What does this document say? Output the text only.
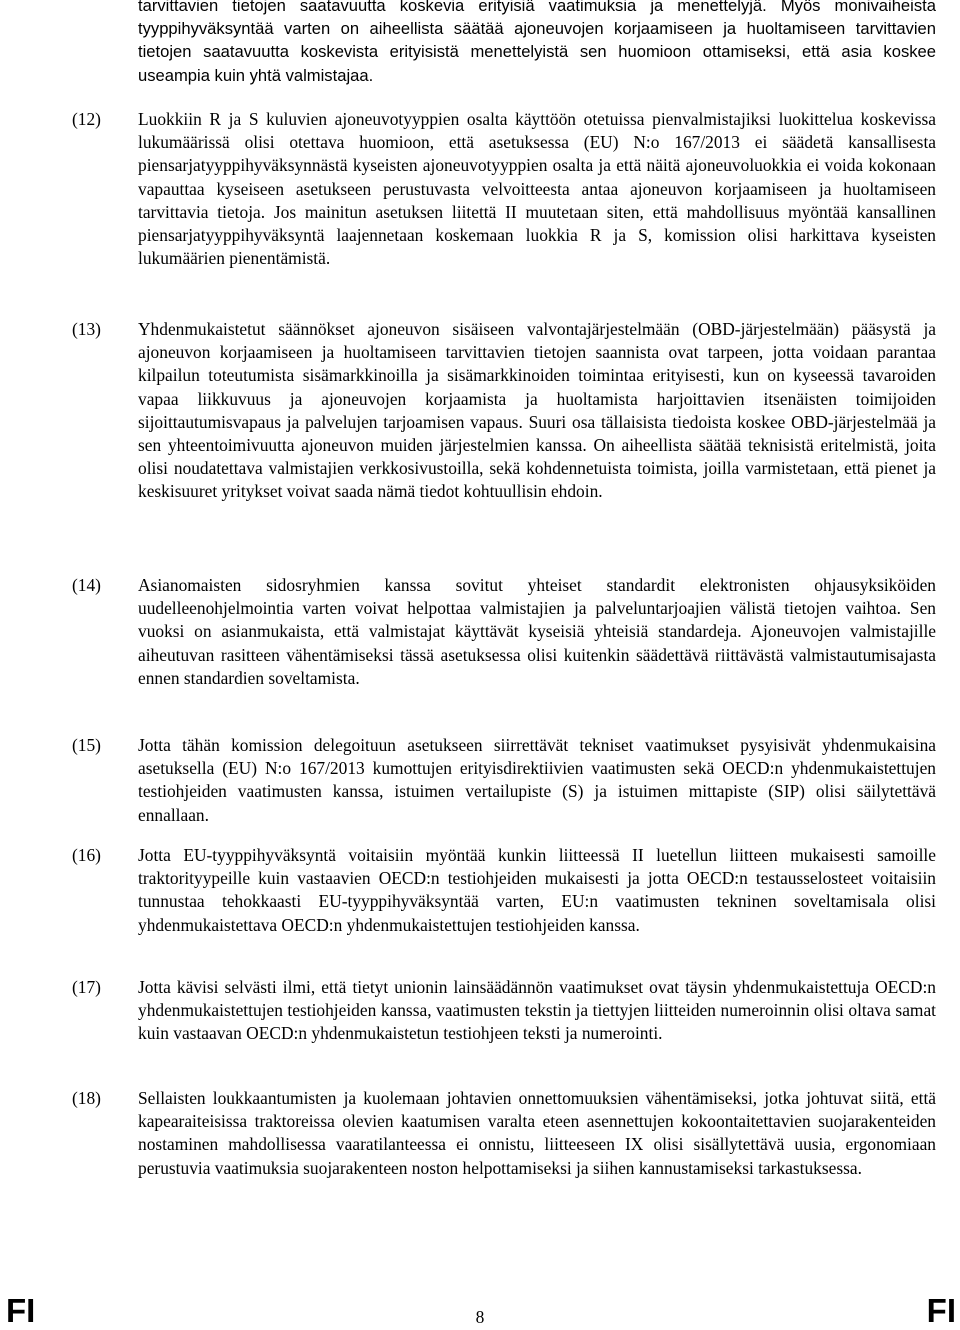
tarvittavien tietojen saatavuutta koskevia erityisiä vaatimuksia ja menettelyjä. Myös monivaiheista tyyppihyväksyntää varten on aiheellista säätää ajoneuvojen korjaamiseen ja huoltamiseen tarvittavien tietojen saatavuutta koskevista erityisistä menettelyistä sen huomioon ottamiseksi, että asia koskee useampia kuin yhtä valmistajaa.

(12)	Luokkiin R ja S kuluvien ajoneuvotyyppien osalta käyttöön otetuissa pienvalmistajiksi luokittelua koskevissa lukumäärissä olisi otettava huomioon, että asetuksessa (EU) N:o 167/2013 ei säädetä kansallisesta piensarjatyyppihyväksynnästä kyseisten ajoneuvotyyppien osalta ja että näitä ajoneuvoluokkia ei voida kokonaan vapauttaa kyseiseen asetukseen perustuvasta velvoitteesta antaa ajoneuvon korjaamiseen ja huoltamiseen tarvittavia tietoja. Jos mainitun asetuksen liitettä II muutetaan siten, että mahdollisuus myöntää kansallinen piensarjatyyppihyväksyntä laajennetaan koskemaan luokkia R ja S, komission olisi harkittava kyseisten lukumäärien pienentämistä.

(13)	Yhdenmukaistetut säännökset ajoneuvon sisäiseen valvontajärjestelmään (OBD-järjestelmään) pääsystä ja ajoneuvon korjaamiseen ja huoltamiseen tarvittavien tietojen saannista ovat tarpeen, jotta voidaan parantaa kilpailun toteutumista sisämarkkinoilla ja sisämarkkinoiden toimintaa erityisesti, kun on kyseessä tavaroiden vapaa liikkuvuus ja ajoneuvojen korjaamista ja huoltamista harjoittavien itsenäisten toimijoiden sijoittautumisvapaus ja palvelujen tarjoamisen vapaus. Suuri osa tällaisista tiedoista koskee OBD-järjestelmää ja sen yhteentoimivuutta ajoneuvon muiden järjestelmien kanssa. On aiheellista säätää teknisistä eritelmistä, joita olisi noudatettava valmistajien verkkosivustoilla, sekä kohdennetuista toimista, joilla varmistetaan, että pienet ja keskisuuret yritykset voivat saada nämä tiedot kohtuullisin ehdoin.

(14)	Asianomaisten sidosryhmien kanssa sovitut yhteiset standardit elektronisten ohjausyksiköiden uudelleenohjelmointia varten voivat helpottaa valmistajien ja palveluntarjoajien välistä tietojen vaihtoa. Sen vuoksi on asianmukaista, että valmistajat käyttävät kyseisiä yhteisiä standardeja. Ajoneuvojen valmistajille aiheutuvan rasitteen vähentämiseksi tässä asetuksessa olisi kuitenkin säädettävä riittävästä valmistautumisajasta ennen standardien soveltamista.

(15)	Jotta tähän komission delegoituun asetukseen siirrettävät tekniset vaatimukset pysyisivät yhdenmukaisina asetuksella (EU) N:o 167/2013 kumottujen erityisdirektiivien vaatimusten sekä OECD:n yhdenmukaistettujen testiohjeiden vaatimusten kanssa, istuimen vertailupiste (S) ja istuimen mittapiste (SIP) olisi säilytettävä ennallaan.

(16)	Jotta EU-tyyppihyväksyntä voitaisiin myöntää kunkin liitteessä II luetellun liitteen mukaisesti samoille traktorityypeille kuin vastaavien OECD:n testiohjeiden mukaisesti ja jotta OECD:n testausselosteet voitaisiin tunnustaa tehokkaasti EU-tyyppihyväksyntää varten, EU:n vaatimusten tekninen soveltamisala olisi yhdenmukaistettava OECD:n yhdenmukaistettujen testiohjeiden kanssa.

(17)	Jotta kävisi selvästi ilmi, että tietyt unionin lainsäädännön vaatimukset ovat täysin yhdenmukaistettuja OECD:n yhdenmukaistettujen testiohjeiden kanssa, vaatimusten tekstin ja tiettyjen liitteiden numeroinnin olisi oltava samat kuin vastaavan OECD:n yhdenmukaistetun testiohjeen teksti ja numerointi.

(18)	Sellaisten loukkaantumisten ja kuolemaan johtavien onnettomuuksien vähentämiseksi, jotka johtuvat siitä, että kapearaiteisissa traktoreissa olevien kaatumisen varalta eteen asennettujen kokoontaitettavien suojarakenteiden nostaminen mahdollisessa vaaratilanteessa ei onnistu, liitteeseen IX olisi sisällytettävä uusia, ergonomiaan perustuvia vaatimuksia suojarakenteen noston helpottamiseksi ja siihen kannustamiseksi tarkastuksessa.

FI	8	FI
